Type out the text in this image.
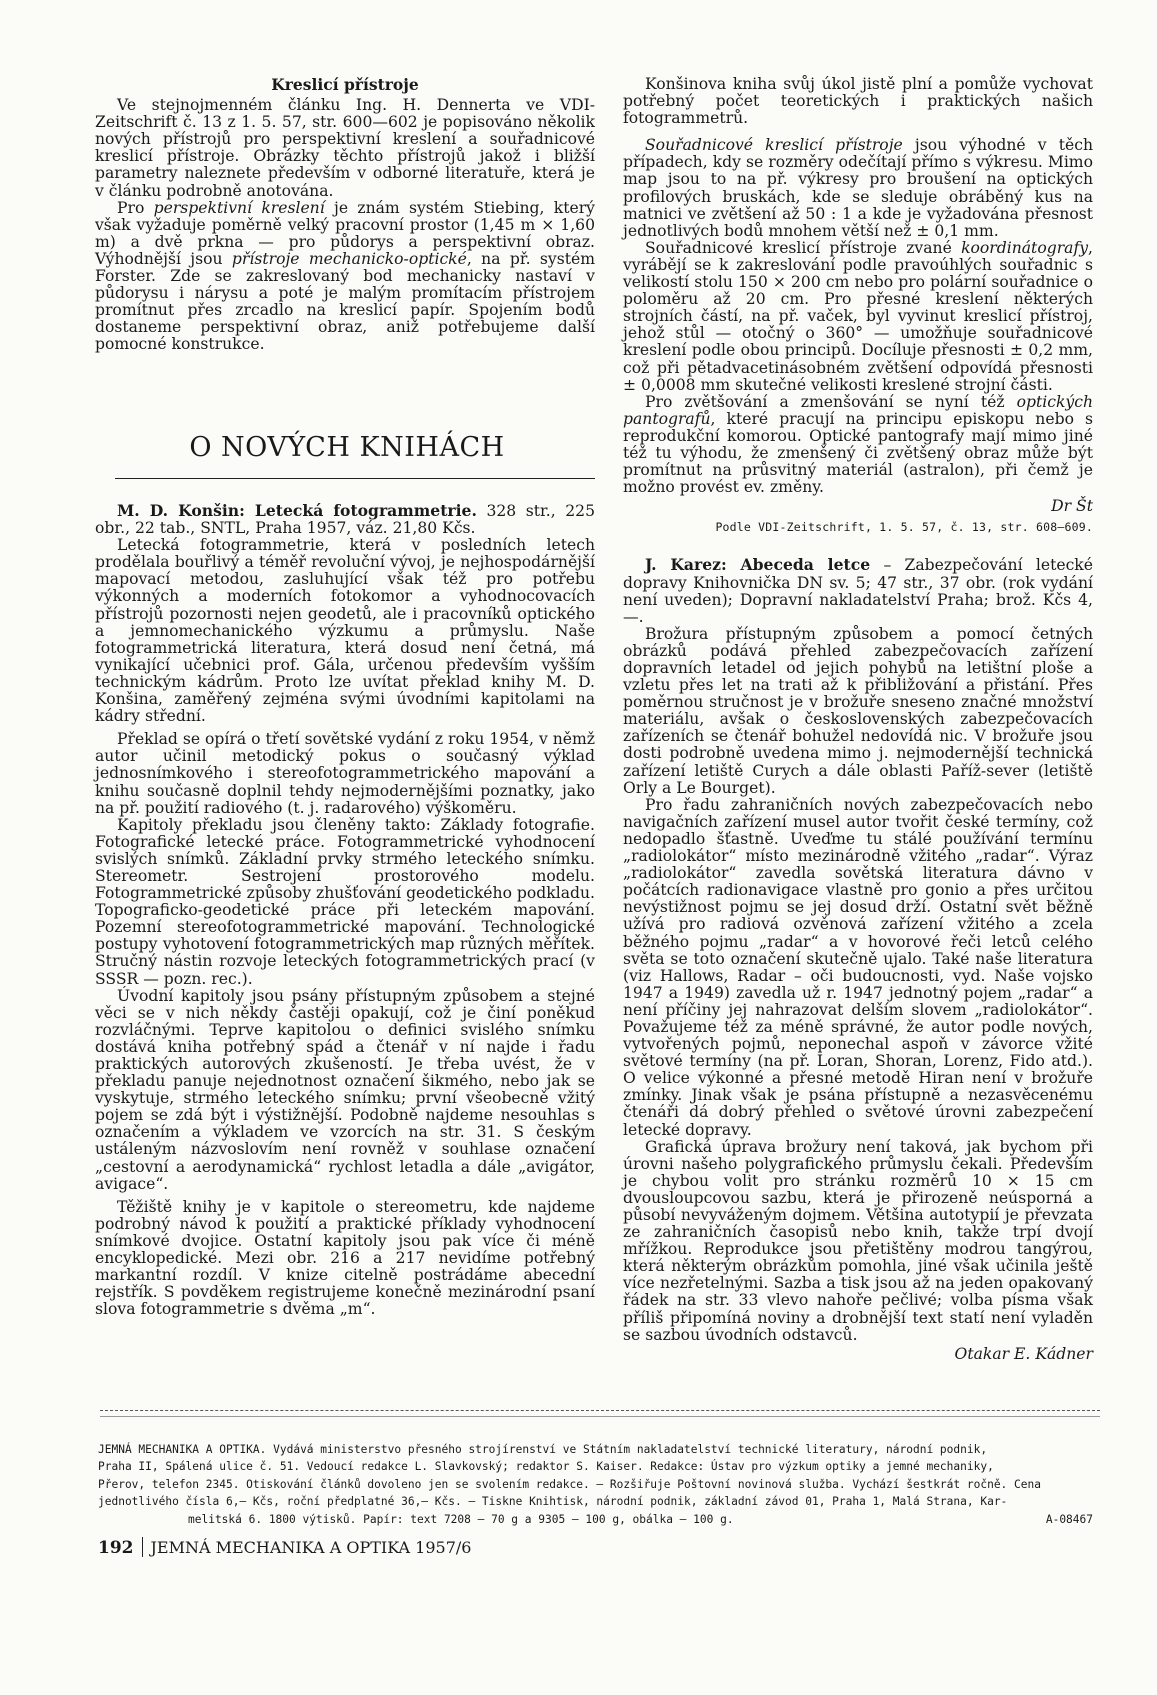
Kreslicí přístroje

Ve stejnojmenném článku Ing. H. Dennerta ve VDI-Zeitschrift č. 13 z 1. 5. 57, str. 600—602 je popisováno několik nových přístrojů pro perspektivní kreslení a souřadnicové kreslicí přístroje. Obrázky těchto přístrojů jakož i bližší parametry naleznete především v odborné literatuře, která je v článku podrobně anotována.

Pro perspektivní kreslení je znám systém Stiebing, který však vyžaduje poměrně velký pracovní prostor (1,45 m × 1,60 m) a dvě prkna — pro půdorys a perspektivní obraz. Výhodnější jsou přístroje mechanicko-optické, na př. systém Forster. Zde se zakreslovaný bod mechanicky nastaví v půdorysu i nárysu a poté je malým promítacím přístrojem promítnut přes zrcadlo na kreslicí papír. Spojením bodů dostaneme perspektivní obraz, aniž potřebujeme další pomocné konstrukce.

O NOVÝCH KNIHÁCH

M. D. Konšin: Letecká fotogrammetrie. 328 str., 225 obr., 22 tab., SNTL, Praha 1957, váz. 21,80 Kčs.

Letecká fotogrammetrie, která v posledních letech prodělala bouřlivý a téměř revoluční vývoj, je nejhospodárnější mapovací metodou, zasluhující však též pro potřebu výkonných a moderních fotokomor a vyhodnocovacích přístrojů pozornosti nejen geodetů, ale i pracovníků optického a jemnomechanického výzkumu a průmyslu. Naše fotogrammetrická literatura, která dosud není četná, má vynikající učebnici prof. Gála, určenou především vyšším technickým kádrům. Proto lze uvítat překlad knihy M. D. Konšina, zaměřený zejména svými úvodními kapitolami na kádry střední.

Překlad se opírá o třetí sovětské vydání z roku 1954, v němž autor učinil metodický pokus o současný výklad jednosnímkového i stereofotogrammetrického mapování a knihu současně doplnil tehdy nejmodernějšími poznatky, jako na př. použití radiového (t. j. radarového) výškoměru.

Kapitoly překladu jsou členěny takto: Základy fotografie. Fotografické letecké práce. Fotogrammetrické vyhodnocení svislých snímků. Základní prvky strmého leteckého snímku. Stereometr. Sestrojení prostorového modelu. Fotogrammetrické způsoby zhušťování geodetického podkladu. Topograficko-geodetické práce při leteckém mapování. Pozemní stereofotogrammetrické mapování. Technologické postupy vyhotovení fotogrammetrických map různých měřítek. Stručný nástin rozvoje leteckých fotogrammetrických prací (v SSSR — pozn. rec.).

Úvodní kapitoly jsou psány přístupným způsobem a stejné věci se v nich někdy častěji opakují, což je činí poněkud rozvláčnými. Teprve kapitolou o definici svislého snímku dostává kniha potřebný spád a čtenář v ní najde i řadu praktických autorových zkušeností. Je třeba uvést, že v překladu panuje nejednotnost označení šikmého, nebo jak se vyskytuje, strmého leteckého snímku; první všeobecně vžitý pojem se zdá být i výstižnější. Podobně najdeme nesouhlas s označením a výkladem ve vzorcích na str. 31. S českým ustáleným názvoslovím není rovněž v souhlase označení „cestovní a aerodynamická“ rychlost letadla a dále „avigátor, avigace“.

Těžiště knihy je v kapitole o stereometru, kde najdeme podrobný návod k použití a praktické příklady vyhodnocení snímkové dvojice. Ostatní kapitoly jsou pak více či méně encyklopedické. Mezi obr. 216 a 217 nevidíme potřebný markantní rozdíl. V knize citelně postrádáme abecední rejstřík. S povděkem registrujeme konečně mezinárodní psaní slova fotogrammetrie s dvěma „m“.

Konšinova kniha svůj úkol jistě plní a pomůže vychovat potřebný počet teoretických i praktických našich fotogrammetrů.

Souřadnicové kreslicí přístroje jsou výhodné v těch případech, kdy se rozměry odečítají přímo s výkresu. Mimo map jsou to na př. výkresy pro broušení na optických profilových bruskách, kde se sleduje obráběný kus na matnici ve zvětšení až 50 : 1 a kde je vyžadována přesnost jednotlivých bodů mnohem větší než ± 0,1 mm.

Souřadnicové kreslicí přístroje zvané koordinátografy, vyrábějí se k zakreslování podle pravoúhlých souřadnic s velikostí stolu 150 × 200 cm nebo pro polární souřadnice o poloměru až 20 cm. Pro přesné kreslení některých strojních částí, na př. vaček, byl vyvinut kreslicí přístroj, jehož stůl — otočný o 360° — umožňuje souřadnicové kreslení podle obou principů. Docíluje přesnosti ± 0,2 mm, což při pětadvacetinásobném zvětšení odpovídá přesnosti ± 0,0008 mm skutečné velikosti kreslené strojní části.

Pro zvětšování a zmenšování se nyní též optických pantografů, které pracují na principu episkopu nebo s reprodukční komorou. Optické pantografy mají mimo jiné též tu výhodu, že zmenšený či zvětšený obraz může být promítnut na průsvitný materiál (astralon), při čemž je možno provést ev. změny.

Dr Št
Podle VDI-Zeitschrift, 1. 5. 57, č. 13, str. 608—609.

J. Karez: Abeceda letce – Zabezpečování letecké dopravy Knihovnička DN sv. 5; 47 str., 37 obr. (rok vydání není uveden); Dopravní nakladatelství Praha; brož. Kčs 4,—.

Brožura přístupným způsobem a pomocí četných obrázků podává přehled zabezpečovacích zařízení dopravních letadel od jejich pohybů na letištní ploše a vzletu přes let na trati až k přibližování a přistání. Přes poměrnou stručnost je v brožuře sneseno značné množství materiálu, avšak o československých zabezpečovacích zařízeních se čtenář bohužel nedovídá nic. V brožuře jsou dosti podrobně uvedena mimo j. nejmodernější technická zařízení letiště Curych a dále oblasti Paříž-sever (letiště Orly a Le Bourget).

Pro řadu zahraničních nových zabezpečovacích nebo navigačních zařízení musel autor tvořit české termíny, což nedopadlo šťastně. Uveďme tu stálé používání termínu „radiolokátor“ místo mezinárodně vžitého „radar“. Výraz „radiolokátor“ zavedla sovětská literatura dávno v počátcích radionavigace vlastně pro gonio a přes určitou nevýstižnost pojmu se jej dosud drží. Ostatní svět běžně užívá pro radiová ozvěnová zařízení vžitého a zcela běžného pojmu „radar“ a v hovorové řeči letců celého světa se toto označení skutečně ujalo. Také naše literatura (viz Hallows, Radar – oči budoucnosti, vyd. Naše vojsko 1947 a 1949) zavedla už r. 1947 jednotný pojem „radar“ a není příčiny jej nahrazovat delším slovem „radiolokátor“. Považujeme též za méně správné, že autor podle nových, vytvořených pojmů, neponechal aspoň v závorce vžité světové termíny (na př. Loran, Shoran, Lorenz, Fido atd.). O velice výkonné a přesné metodě Hiran není v brožuře zmínky. Jinak však je psána přístupně a nezasvěcenému čtenáři dá dobrý přehled o světové úrovni zabezpečení letecké dopravy.

Grafická úprava brožury není taková, jak bychom při úrovni našeho polygrafického průmyslu čekali. Především je chybou volit pro stránku rozměrů 10 × 15 cm dvousloupcovou sazbu, která je přirozeně neúsporná a působí nevyváženým dojmem. Většina autotypií je převzata ze zahraničních časopisů nebo knih, takže trpí dvojí mřížkou. Reprodukce jsou přetištěny modrou tangýrou, která některým obrázkům pomohla, jiné však učinila ještě více nezřetelnými. Sazba a tisk jsou až na jeden opakovaný řádek na str. 33 vlevo nahoře pečlivé; volba písma však příliš připomíná noviny a drobnější text statí není vyladěn se sazbou úvodních odstavců.

Otakar E. Kádner
JEMNÁ MECHANIKA A OPTIKA. Vydává ministerstvo přesného strojírenství ve Státním nakladatelství technické literatury, národní podnik,
Praha II, Spálená ulice č. 51. Vedoucí redakce L. Slavkovský; redaktor S. Kaiser. Redakce: Ústav pro výzkum optiky a jemné mechaniky,
Přerov, telefon 2345. Otiskování článků dovoleno jen se svolením redakce. – Rozšiřuje Poštovní novinová služba. Vychází šestkrát ročně. Cena
jednotlivého čísla 6,— Kčs, roční předplatné 36,— Kčs. — Tiskne Knihtisk, národní podnik, základní závod 01, Praha 1, Malá Strana, Kar-
melitská 6. 1800 výtisků. Papír: text 7208 — 70 g a 9305 — 100 g, obálka — 100 g.	A-08467
192 JEMNÁ MECHANIKA A OPTIKA 1957/6
